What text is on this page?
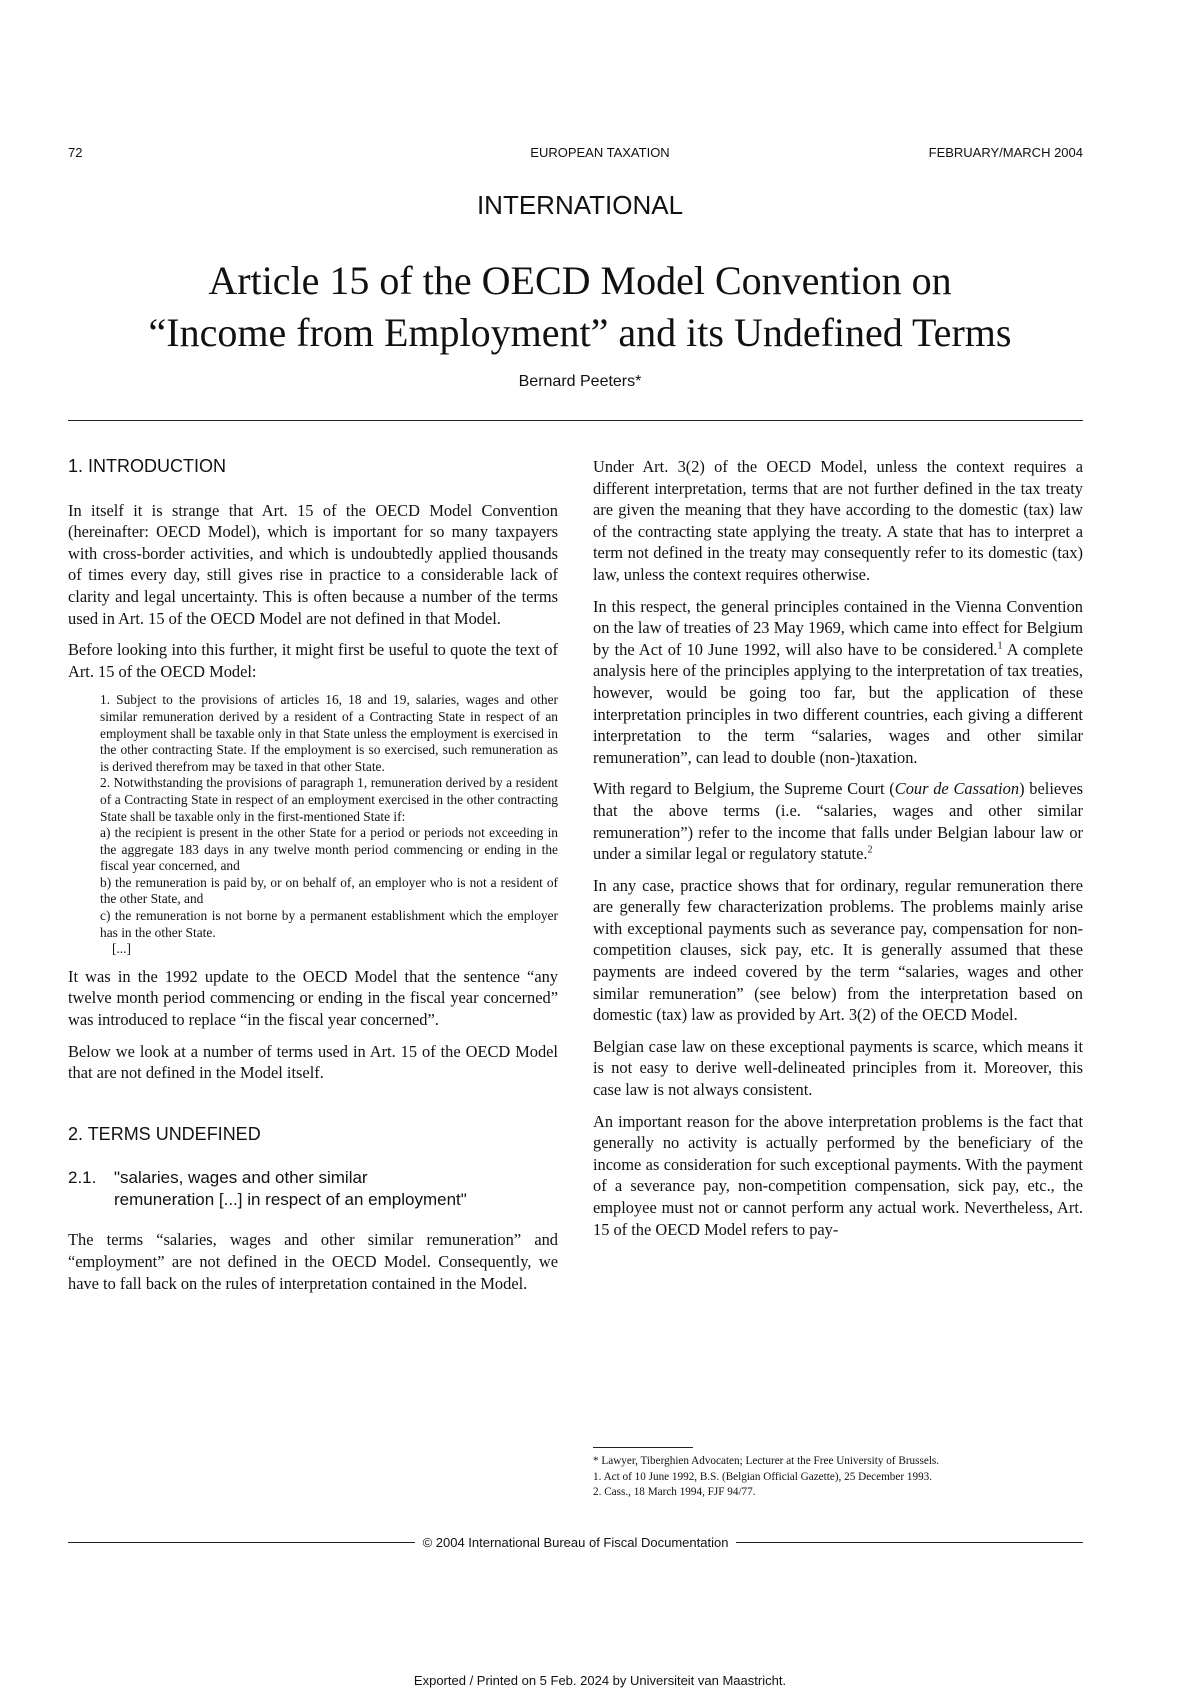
72	EUROPEAN TAXATION	FEBRUARY/MARCH 2004
INTERNATIONAL
Article 15 of the OECD Model Convention on
“Income from Employment” and its Undefined Terms
Bernard Peeters*
1. INTRODUCTION

In itself it is strange that Art. 15 of the OECD Model Convention (hereinafter: OECD Model), which is important for so many taxpayers with cross-border activities, and which is undoubtedly applied thousands of times every day, still gives rise in practice to a considerable lack of clarity and legal uncertainty. This is often because a number of the terms used in Art. 15 of the OECD Model are not defined in that Model.

Before looking into this further, it might first be useful to quote the text of Art. 15 of the OECD Model:

1. Subject to the provisions of articles 16, 18 and 19, salaries, wages and other similar remuneration derived by a resident of a Contracting State in respect of an employment shall be taxable only in that State unless the employment is exercised in the other contracting State. If the employment is so exercised, such remuneration as is derived therefrom may be taxed in that other State.

2. Notwithstanding the provisions of paragraph 1, remuneration derived by a resident of a Contracting State in respect of an employment exercised in the other contracting State shall be taxable only in the first-mentioned State if:

a) the recipient is present in the other State for a period or periods not exceeding in the aggregate 183 days in any twelve month period commencing or ending in the fiscal year concerned, and

b) the remuneration is paid by, or on behalf of, an employer who is not a resident of the other State, and

c) the remuneration is not borne by a permanent establishment which the employer has in the other State.

[...]

It was in the 1992 update to the OECD Model that the sentence “any twelve month period commencing or ending in the fiscal year concerned” was introduced to replace “in the fiscal year concerned”.

Below we look at a number of terms used in Art. 15 of the OECD Model that are not defined in the Model itself.

2. TERMS UNDEFINED
2.1. "salaries, wages and other similar
remuneration [...] in respect of an employment"

The terms “salaries, wages and other similar remuneration” and “employment” are not defined in the OECD Model. Consequently, we have to fall back on the rules of interpretation contained in the Model.

Under Art. 3(2) of the OECD Model, unless the context requires a different interpretation, terms that are not further defined in the tax treaty are given the meaning that they have according to the domestic (tax) law of the contracting state applying the treaty. A state that has to interpret a term not defined in the treaty may consequently refer to its domestic (tax) law, unless the context requires otherwise.

In this respect, the general principles contained in the Vienna Convention on the law of treaties of 23 May 1969, which came into effect for Belgium by the Act of 10 June 1992, will also have to be considered.$^1$ A complete analysis here of the principles applying to the interpretation of tax treaties, however, would be going too far, but the application of these interpretation principles in two different countries, each giving a different interpretation to the term “salaries, wages and other similar remuneration”, can lead to double (non-)taxation.

With regard to Belgium, the Supreme Court (Cour de Cassation) believes that the above terms (i.e. “salaries, wages and other similar remuneration”) refer to the income that falls under Belgian labour law or under a similar legal or regulatory statute.$^2$

In any case, practice shows that for ordinary, regular remuneration there are generally few characterization problems. The problems mainly arise with exceptional payments such as severance pay, compensation for non-competition clauses, sick pay, etc. It is generally assumed that these payments are indeed covered by the term “salaries, wages and other similar remuneration” (see below) from the interpretation based on domestic (tax) law as provided by Art. 3(2) of the OECD Model.

Belgian case law on these exceptional payments is scarce, which means it is not easy to derive well-delineated principles from it. Moreover, this case law is not always consistent.

An important reason for the above interpretation problems is the fact that generally no activity is actually performed by the beneficiary of the income as consideration for such exceptional payments. With the payment of a severance pay, non-competition compensation, sick pay, etc., the employee must not or cannot perform any actual work. Nevertheless, Art. 15 of the OECD Model refers to pay-

* Lawyer, Tiberghien Advocaten; Lecturer at the Free University of Brussels.

1. Act of 10 June 1992, B.S. (Belgian Official Gazette), 25 December 1993.

2. Cass., 18 March 1994, FJF 94/77.

© 2004 International Bureau of Fiscal Documentation
Exported / Printed on 5 Feb. 2024 by Universiteit van Maastricht.
